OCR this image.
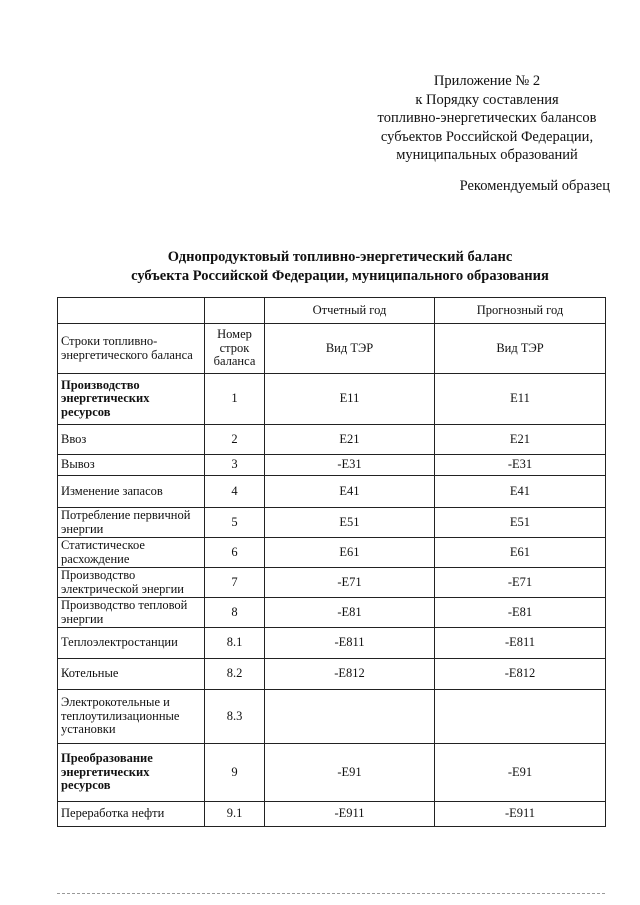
Приложение № 2
к Порядку составления
топливно-энергетических балансов
субъектов Российской Федерации,
муниципальных образований
Рекомендуемый образец
Однопродуктовый топливно-энергетический баланс
субъекта Российской Федерации, муниципального образования
		Отчетный год	Прогнозный год
Строки топливно-энергетического баланса	Номер строк баланса	Вид ТЭР	Вид ТЭР
Производство энергетических ресурсов	1	E11	E11
Ввоз	2	E21	E21
Вывоз	3	-E31	-E31
Изменение запасов	4	E41	E41
Потребление первичной энергии	5	E51	E51
Статистическое расхождение	6	E61	E61
Производство электрической энергии	7	-E71	-E71
Производство тепловой энергии	8	-E81	-E81
Теплоэлектростанции	8.1	-E811	-E811
Котельные	8.2	-E812	-E812
Электрокотельные и теплоутилизационные установки	8.3		
Преобразование энергетических ресурсов	9	-E91	-E91
Переработка нефти	9.1	-E911	-E911
